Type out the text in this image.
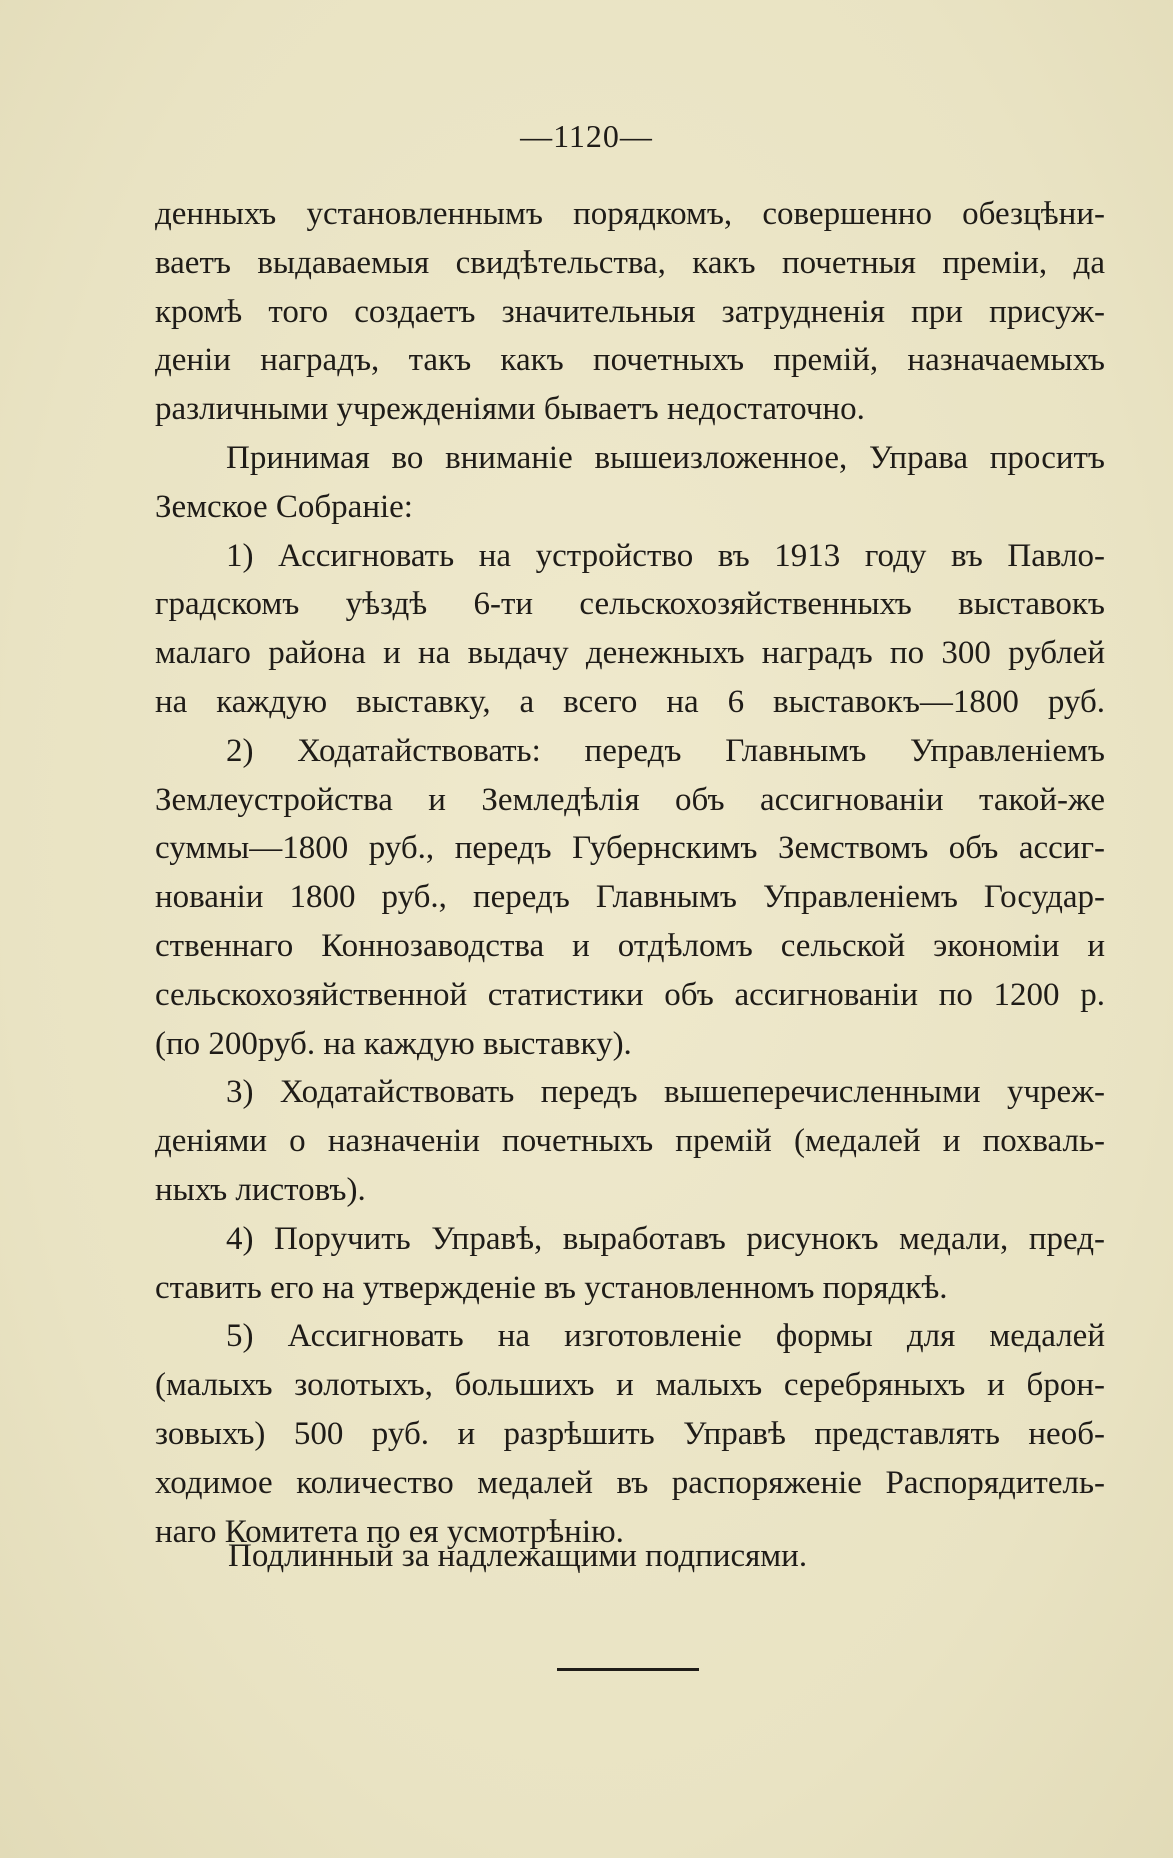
—1120—
денныхъ установленнымъ порядкомъ, совершенно обезцѣни-
ваетъ выдаваемыя свидѣтельства, какъ почетныя преміи, да
кромѣ того создаетъ значительныя затрудненія при присуж-
деніи наградъ, такъ какъ почетныхъ премій, назначаемыхъ
различными учрежденіями бываетъ недостаточно.
Принимая во вниманіе вышеизложенное, Управа проситъ
Земское Собраніе:
1) Ассигновать на устройство въ 1913 году въ Павло-
градскомъ уѣздѣ 6-ти сельскохозяйственныхъ выставокъ
малаго района и на выдачу денежныхъ наградъ по 300 рублей
на каждую выставку, а всего на 6 выставокъ—1800 руб.
2) Ходатайствовать: передъ Главнымъ Управленіемъ
Землеустройства и Земледѣлія объ ассигнованіи такой-же
суммы—1800 руб., передъ Губернскимъ Земствомъ объ ассиг-
нованіи 1800 руб., передъ Главнымъ Управленіемъ Государ-
ственнаго Коннозаводства и отдѣломъ сельской экономіи и
сельскохозяйственной статистики объ ассигнованіи по 1200 р.
(по 200руб. на каждую выставку).
3) Ходатайствовать передъ вышеперечисленными учреж-
деніями о назначеніи почетныхъ премій (медалей и похваль-
ныхъ листовъ).
4) Поручить Управѣ, выработавъ рисунокъ медали, пред-
ставить его на утвержденіе въ установленномъ порядкѣ.
5) Ассигновать на изготовленіе формы для медалей
(малыхъ золотыхъ, большихъ и малыхъ серебряныхъ и брон-
зовыхъ) 500 руб. и разрѣшить Управѣ представлять необ-
ходимое количество медалей въ распоряженіе Распорядитель-
наго Комитета по ея усмотрѣнію.
Подлинный за надлежащими подписями.
